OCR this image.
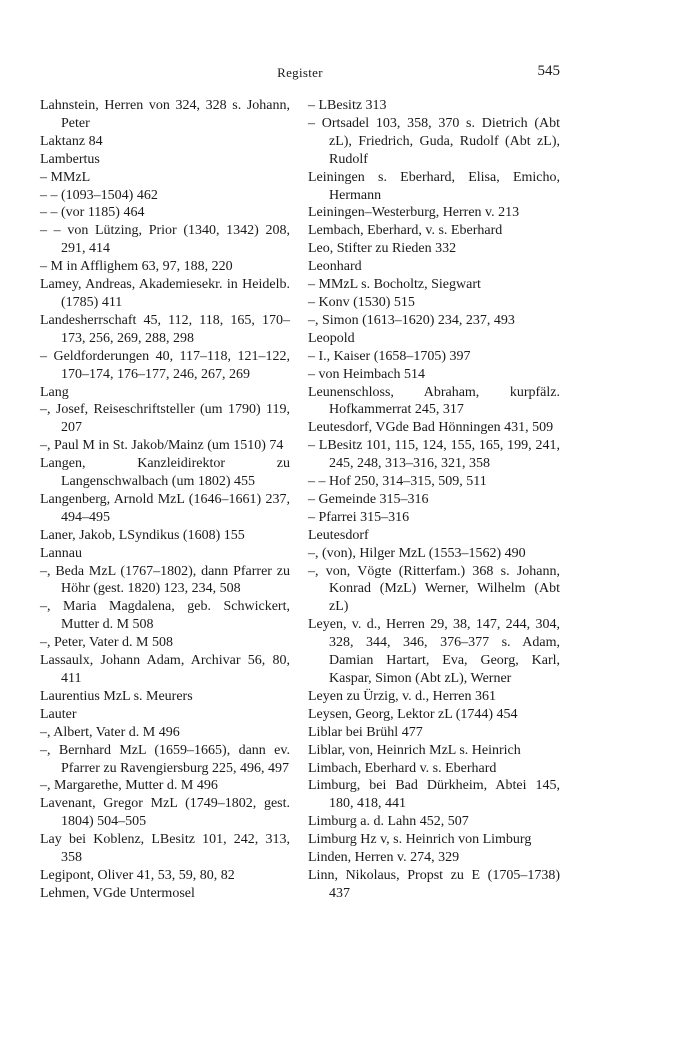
Register	545

Lahnstein, Herren von 324, 328 s. Johann, Peter

Laktanz 84

Lambertus

– MMzL

– – (1093–1504) 462

– – (vor 1185) 464

– – von Lützing, Prior (1340, 1342) 208, 291, 414

– M in Afflighem 63, 97, 188, 220

Lamey, Andreas, Akademiesekr. in Heidelb. (1785) 411

Landesherrschaft 45, 112, 118, 165, 170–173, 256, 269, 288, 298

– Geldforderungen 40, 117–118, 121–122, 170–174, 176–177, 246, 267, 269

Lang

–, Josef, Reiseschriftsteller (um 1790) 119, 207

–, Paul M in St. Jakob/Mainz (um 1510) 74

Langen, Kanzleidirektor zu Langenschwalbach (um 1802) 455

Langenberg, Arnold MzL (1646–1661) 237, 494–495

Laner, Jakob, LSyndikus (1608) 155

Lannau

–, Beda MzL (1767–1802), dann Pfarrer zu Höhr (gest. 1820) 123, 234, 508

–, Maria Magdalena, geb. Schwickert, Mutter d. M 508

–, Peter, Vater d. M 508

Lassaulx, Johann Adam, Archivar 56, 80, 411

Laurentius MzL s. Meurers

Lauter

–, Albert, Vater d. M 496

–, Bernhard MzL (1659–1665), dann ev. Pfarrer zu Ravengiersburg 225, 496, 497

–, Margarethe, Mutter d. M 496

Lavenant, Gregor MzL (1749–1802, gest. 1804) 504–505

Lay bei Koblenz, LBesitz 101, 242, 313, 358

Legipont, Oliver 41, 53, 59, 80, 82

Lehmen, VGde Untermosel

– LBesitz 313

– Ortsadel 103, 358, 370 s. Dietrich (Abt zL), Friedrich, Guda, Rudolf (Abt zL), Rudolf

Leiningen s. Eberhard, Elisa, Emicho, Hermann

Leiningen–Westerburg, Herren v. 213

Lembach, Eberhard, v. s. Eberhard

Leo, Stifter zu Rieden 332

Leonhard

– MMzL s. Bocholtz, Siegwart

– Konv (1530) 515

–, Simon (1613–1620) 234, 237, 493

Leopold

– I., Kaiser (1658–1705) 397

– von Heimbach 514

Leunenschloss, Abraham, kurpfälz. Hofkammerrat 245, 317

Leutesdorf, VGde Bad Hönningen 431, 509

– LBesitz 101, 115, 124, 155, 165, 199, 241, 245, 248, 313–316, 321, 358

– – Hof 250, 314–315, 509, 511

– Gemeinde 315–316

– Pfarrei 315–316

Leutesdorf

–, (von), Hilger MzL (1553–1562) 490

–, von, Vögte (Ritterfam.) 368 s. Johann, Konrad (MzL) Werner, Wilhelm (Abt zL)

Leyen, v. d., Herren 29, 38, 147, 244, 304, 328, 344, 346, 376–377 s. Adam, Damian Hartart, Eva, Georg, Karl, Kaspar, Simon (Abt zL), Werner

Leyen zu Ürzig, v. d., Herren 361

Leysen, Georg, Lektor zL (1744) 454

Liblar bei Brühl 477

Liblar, von, Heinrich MzL s. Heinrich

Limbach, Eberhard v. s. Eberhard

Limburg, bei Bad Dürkheim, Abtei 145, 180, 418, 441

Limburg a. d. Lahn 452, 507

Limburg Hz v, s. Heinrich von Limburg

Linden, Herren v. 274, 329

Linn, Nikolaus, Propst zu E (1705–1738) 437
